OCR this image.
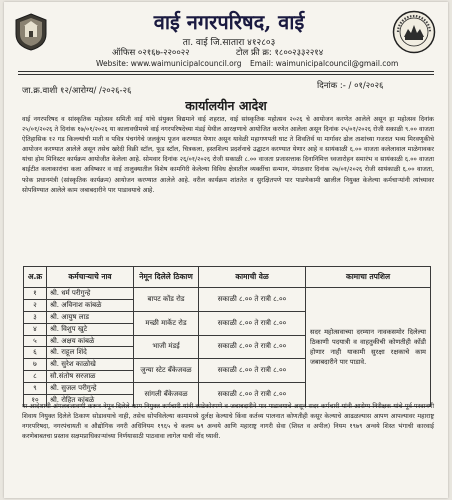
वाई नगरपरिषद, वाई
ता. वाई जि.सातारा ४१२८०३
ऑफिस ०२१६७-२२००२२	टोल फ्री क्र: १८००२३३२२१४
Website: www.waimunicipalcouncil.org Email: waimunicipalcouncil@gmail.com
जा.क्र.वाशी १२/आरोग्य/ /२०२६-२६	दिनांक :- / ०१/२०२६
कार्यालयीन आदेश

वाई नगरपरिषद व सांस्कृतिक महोत्सव समिती वाई यांचे संयुक्त विद्यमाने वाई शहरात, वाई सांस्कृतिक महोत्सव २०२६ चे आयोजन करणेत आलेले असून हा महोत्सव दिनांक २५/०१/२०२६ ते दिनांक १७/०१/२०२६ या कालावधीमध्ये वाई नगरपरिषदेच्या मंडई येथील आरक्षणाचे आयोजित करणेत आलेला असून दिनांक २५/०१/२०२६ रोजी सकाळी ९.०० वाजता ऐतिहासिक १२ गड किल्ल्यांची माती व पवित्र पंचगंगेचे जलकुंभ पूजन करण्यात येणार असून यावेळी महागणपती घाट ते शिवतिर्थ या मार्गावर ढोल ताशांच्या गजरात भव्य मिरवणूकीचे आयोजन करण्यात आलेले असून तसेच खरेदी विक्री स्टॉल, फूड स्टॉल, चित्रकला, हस्तशिल्प प्रदर्शनाचे उद्घाटन करण्यात येणार आहे व सायंकाळी ६.०० वाजता कलेलावाल माळेगावकर यांचा होम मिनिस्टर कार्यक्रम आयोजीत केलेला आहे. सोमवार दिनांक २६/०१/२०२६ रोजी सकाळी ८.०० वाजता प्रजासत्ताक दिनानिमित्त ध्वजारोहन समारंभ व सायंकाळी ६.०० वाजता बाईटीत कलाकारांचा कला अविष्कार व वाई तालुक्यातील विशेष कामगिरी केलेल्या विविध क्षेत्रातील व्यक्तींचा सन्मान, मंगळवार दिनांक २७/०१/२०२६ रोजी सायंकाळी ६.०० वाजता, फोक प्रधानमंत्री (सांस्कृतिक कार्यक्रम) आयोजन करण्यात आलेले आहे. वरील कार्यक्रम शांततेत व सुरक्षितपणे पार पाडणेकामी खालील नियुक्त केलेल्या कर्मचाऱ्यांनी त्यांच्यावर सोपविण्यात आलेले काम जबाबदारीने पार पाडावयाचे आहे.

अ.क्र	कर्मचाऱ्याचे नाव	नेमून दिलेले ठिकाण	कामाची वेळ	कामाचा तपशिल
१	श्री. धर्म परीगुन्हे	बापट कोंड रोड	सकाळी ८.०० ते रात्री ८.००	सदर महोत्सवाच्या दरम्यान नावकसमोर दिलेल्या ठिकाणी पदयात्री व वाहतुकीची कोणतीही कोंडी होणार नाही याकामी सुरक्षा रक्षकाचे काम जबाबदारीने पार पाडावे.
२	श्री. अविनाश कांबळे			
३	श्री. आयुष लाड	मच्छी मार्केट रोड	सकाळी ८.०० ते रात्री ८.००	
४	श्री. विशुप खुटे			
५	श्री. अक्षय कांबळे	भाजी मंडई	सकाळी ८.०० ते रात्री ८.००	
६	श्री. राहूल शिंदे			
७	श्री. सुरेश काळोखे	जुन्या स्टेट बँकेजवळ	सकाळी ८.०० ते रात्री ८.००	
८	सौ.संतोष सरजाळ			
९	श्री. सुजल परीगुन्हे	सांगली बँकेजवळ	सकाळी ८.०० ते रात्री ८.००	
१०	श्री. रोहित कांबळे			

या आदेशाची अंमलबजावणी करून नेमून दिलेले काम नियुक्त कर्मचारी यांनी काटेकोरपणे व जबाबदारीने पार पाडावयाचे असून सदर कर्मचारी यांनी आरोग्य निरीक्षक यांचे पूर्व परवानगी शिवाय नियुक्त दिलेले ठिकाण सोडावयाचे नाही, तसेच सोपविलेल्या कामामध्ये दुर्लक्ष केल्याचे किंवा कर्तव्य पालनात कोणतीही कसूर केल्याचे आढळल्यास आपण आपल्यावर महाराष्ट्र नगरपरिषदा, नगरपंचायती व औद्योगिक नगरी अधिनियम १९६५ चे कलम ७९ अन्वये आणि महाराष्ट्र नागरी सेवा (शिस्त व अपील) नियम १९७९ अन्वये शिस्त भंगाची कारवाई करणेबाबतचा प्रस्ताव सक्षमप्राधिकाऱ्यांच्या निर्णयासाठी पाठवावा लागेल याची नोंद घ्यावी.
